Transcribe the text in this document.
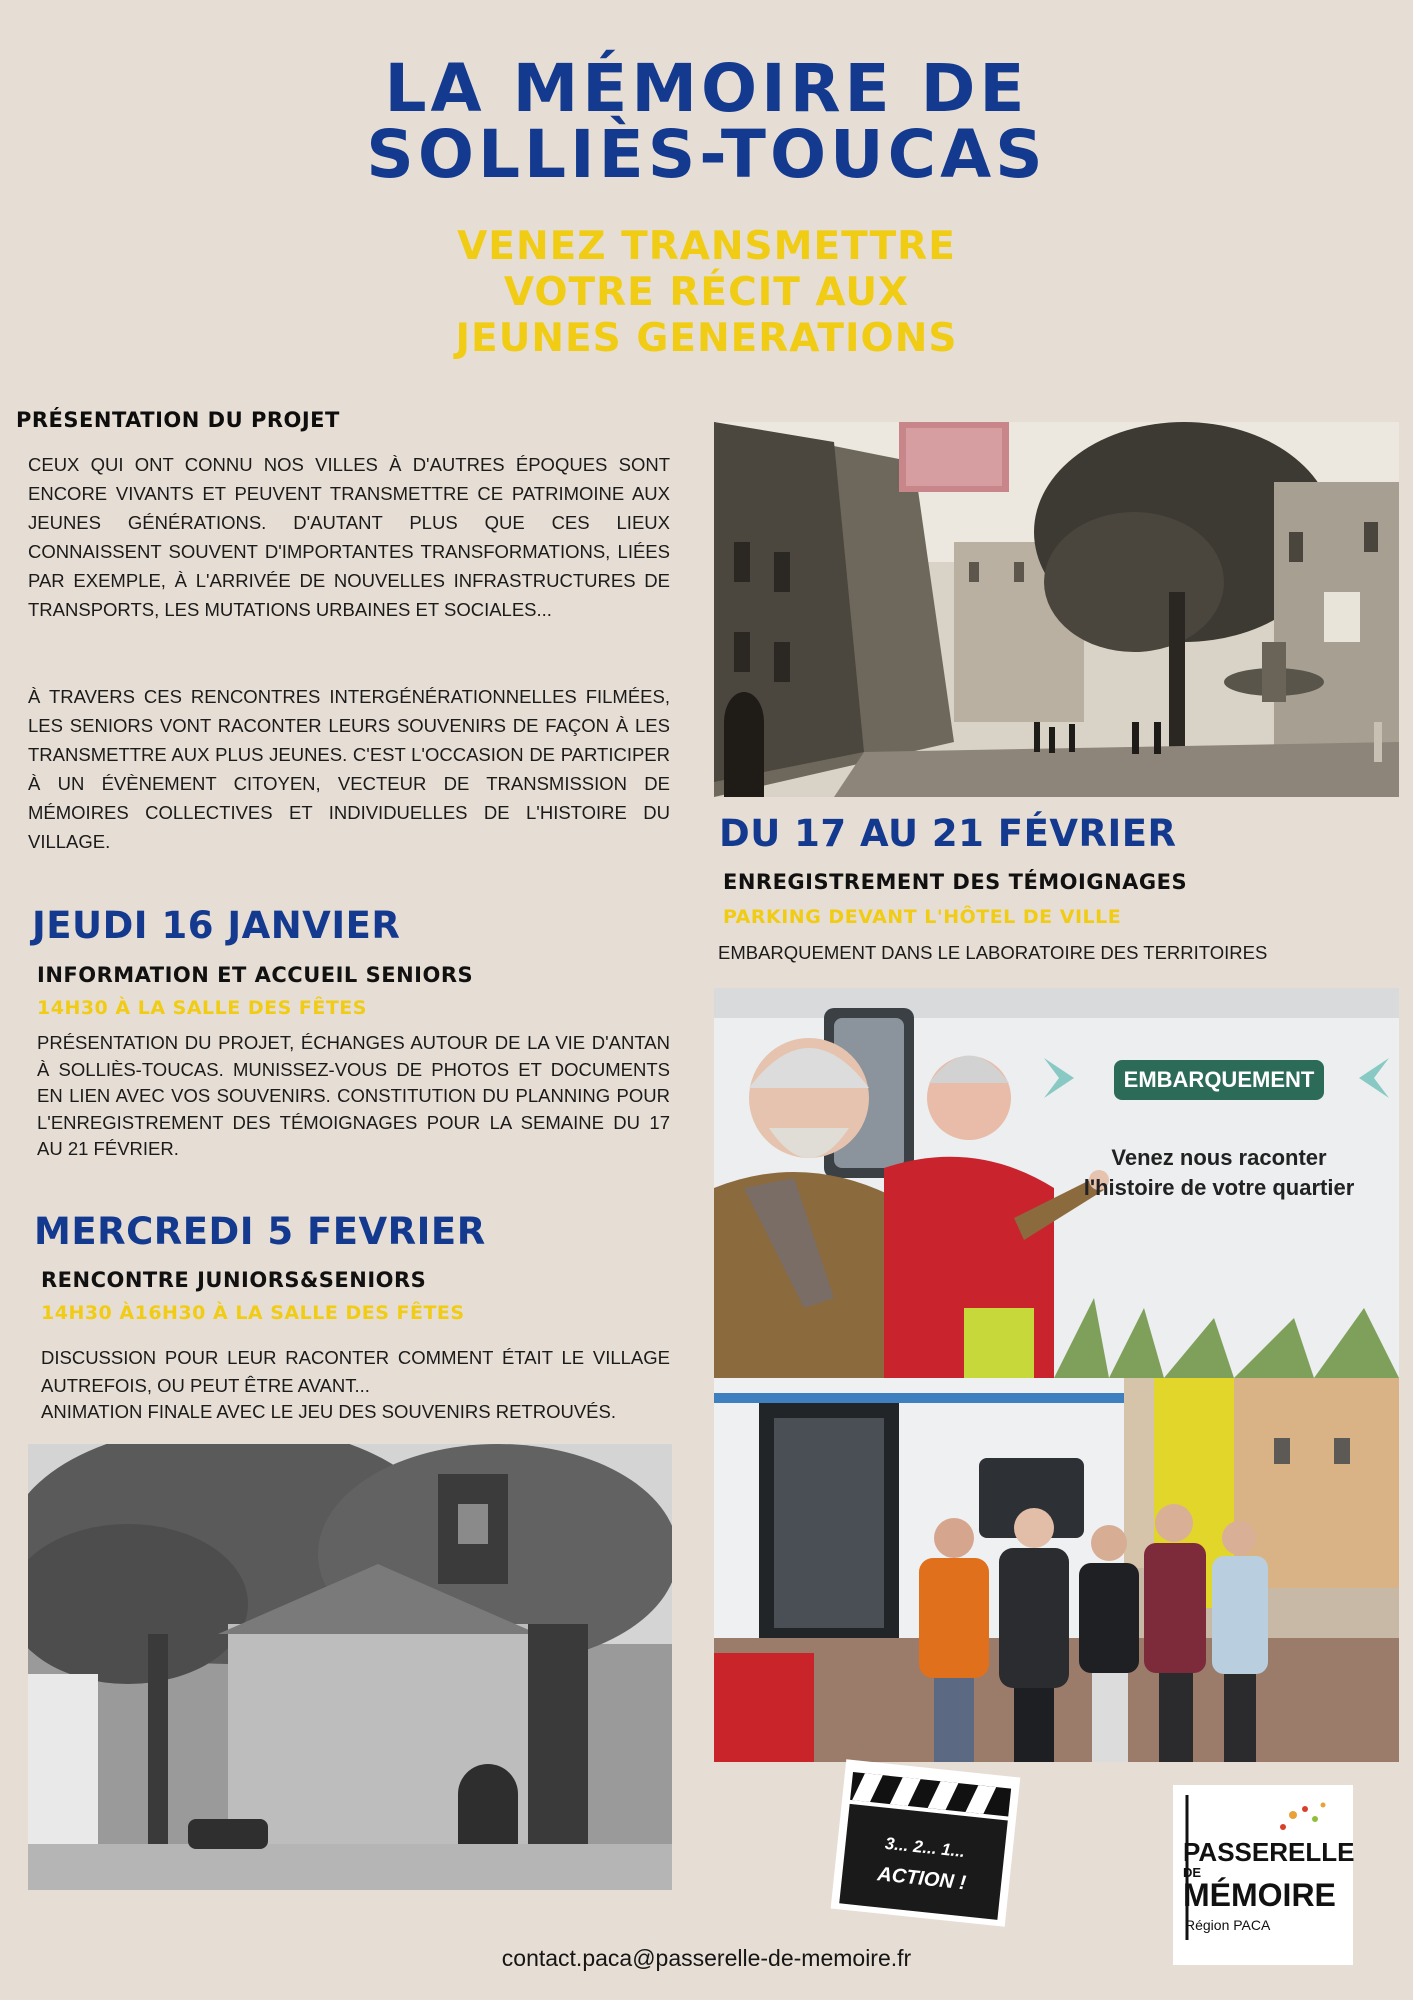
LA MÉMOIRE DE
SOLLIÈS-TOUCAS
VENEZ TRANSMETTRE
VOTRE RÉCIT AUX
JEUNES GENERATIONS
PRÉSENTATION DU PROJET
CEUX QUI ONT CONNU NOS VILLES À D'AUTRES ÉPOQUES SONT ENCORE VIVANTS ET PEUVENT TRANSMETTRE CE PATRIMOINE AUX JEUNES GÉNÉRATIONS. D'AUTANT PLUS QUE CES LIEUX CONNAISSENT SOUVENT D'IMPORTANTES TRANSFORMATIONS, LIÉES PAR EXEMPLE, À L'ARRIVÉE DE NOUVELLES INFRASTRUCTURES DE TRANSPORTS, LES MUTATIONS URBAINES ET SOCIALES...
À TRAVERS CES RENCONTRES INTERGÉNÉRATIONNELLES FILMÉES, LES SENIORS VONT RACONTER LEURS SOUVENIRS DE FAÇON À LES TRANSMETTRE AUX PLUS JEUNES. C'EST L'OCCASION DE PARTICIPER À UN ÉVÈNEMENT CITOYEN, VECTEUR DE TRANSMISSION DE MÉMOIRES COLLECTIVES ET INDIVIDUELLES DE L'HISTOIRE DU VILLAGE.
JEUDI 16 JANVIER
INFORMATION ET ACCUEIL SENIORS
14H30 À LA SALLE DES FÊTES
PRÉSENTATION DU PROJET, ÉCHANGES AUTOUR DE LA VIE D'ANTAN À SOLLIÈS-TOUCAS. MUNISSEZ-VOUS DE PHOTOS ET DOCUMENTS EN LIEN AVEC VOS SOUVENIRS. CONSTITUTION DU PLANNING POUR L'ENREGISTREMENT DES TÉMOIGNAGES POUR LA SEMAINE DU 17 AU 21 FÉVRIER.
MERCREDI 5 FEVRIER
RENCONTRE JUNIORS&SENIORS
14H30 À16H30 À LA SALLE DES FÊTES
DISCUSSION POUR LEUR RACONTER COMMENT ÉTAIT LE VILLAGE AUTREFOIS, OU PEUT ÊTRE AVANT...
ANIMATION FINALE AVEC LE JEU DES SOUVENIRS RETROUVÉS.
DU 17 AU 21 FÉVRIER
ENREGISTREMENT DES TÉMOIGNAGES
PARKING DEVANT L'HÔTEL DE VILLE
EMBARQUEMENT DANS LE LABORATOIRE DES TERRITOIRES
EMBARQUEMENT
Venez nous raconter
l'histoire de votre quartier
3... 2... 1...
ACTION !
PASSERELLE
DE
MÉMOIRE
Région PACA
contact.paca@passerelle-de-memoire.fr
